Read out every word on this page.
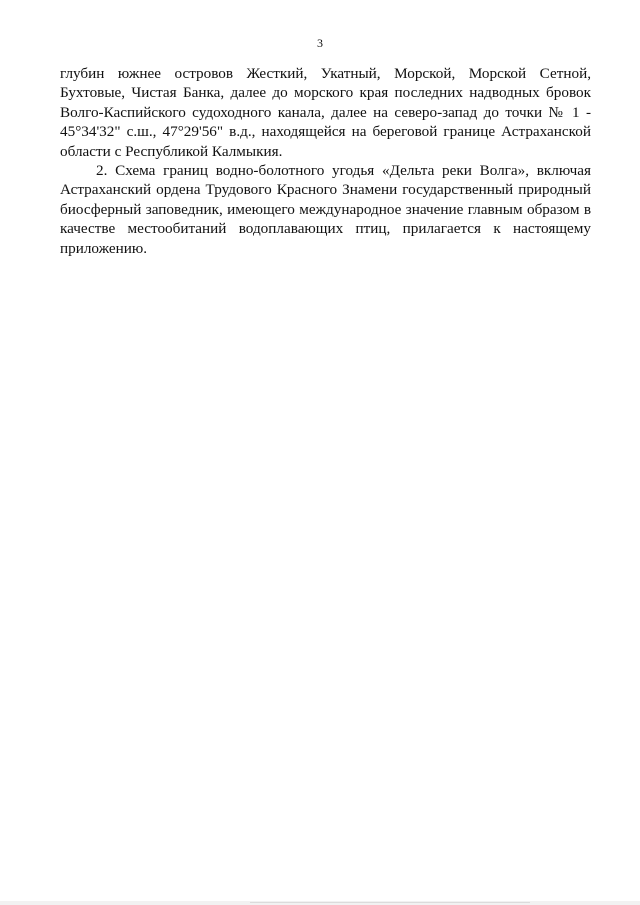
3

глубин южнее островов Жесткий, Укатный, Морской, Морской Сетной, Бухтовые, Чистая Банка, далее до морского края последних надводных бровок Волго-Каспийского судоходного канала, далее на северо-запад до точки № 1 - 45°34'32" с.ш., 47°29'56" в.д., находящейся на береговой границе Астраханской области с Республикой Калмыкия.

2. Схема границ водно-болотного угодья «Дельта реки Волга», включая Астраханский ордена Трудового Красного Знамени государственный природный биосферный заповедник, имеющего международное значение главным образом в качестве местообитаний водоплавающих птиц, прилагается к настоящему приложению.
